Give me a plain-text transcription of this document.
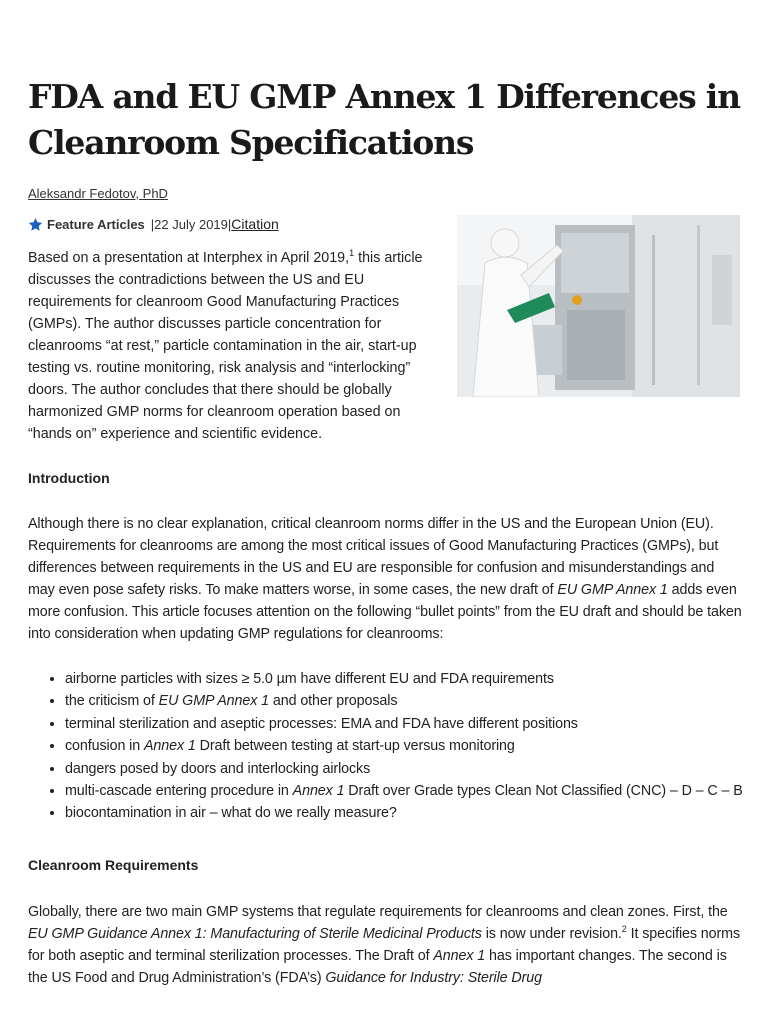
FDA and EU GMP Annex 1 Differences in Cleanroom Specifications
Aleksandr Fedotov, PhD
Feature Articles | 22 July 2019 | Citation

Based on a presentation at Interphex in April 2019,$^1$ this article discusses the contradictions between the US and EU requirements for cleanroom Good Manufacturing Practices (GMPs). The author discusses particle concentration for cleanrooms “at rest,” particle contamination in the air, start-up testing vs. routine monitoring, risk analysis and “interlocking” doors. The author concludes that there should be globally harmonized GMP norms for cleanroom operation based on “hands on” experience and scientific evidence.

Introduction

Although there is no clear explanation, critical cleanroom norms differ in the US and the European Union (EU). Requirements for cleanrooms are among the most critical issues of Good Manufacturing Practices (GMPs), but differences between requirements in the US and EU are responsible for confusion and misunderstandings and may even pose safety risks. To make matters worse, in some cases, the new draft of EU GMP Annex 1 adds even more confusion. This article focuses attention on the following “bullet points” from the EU draft and should be taken into consideration when updating GMP regulations for cleanrooms:

• airborne particles with sizes ≥ 5.0 µm have different EU and FDA requirements
• the criticism of EU GMP Annex 1 and other proposals
• terminal sterilization and aseptic processes: EMA and FDA have different positions
• confusion in Annex 1 Draft between testing at start-up versus monitoring
• dangers posed by doors and interlocking airlocks
• multi-cascade entering procedure in Annex 1 Draft over Grade types Clean Not Classified (CNC) – D – C – B
• biocontamination in air – what do we really measure?
Cleanroom Requirements

Globally, there are two main GMP systems that regulate requirements for cleanrooms and clean zones. First, the EU GMP Guidance Annex 1: Manufacturing of Sterile Medicinal Products is now under revision.$^2$ It specifies norms for both aseptic and terminal sterilization processes. The Draft of Annex 1 has important changes. The second is the US Food and Drug Administration’s (FDA’s) Guidance for Industry: Sterile Drug
